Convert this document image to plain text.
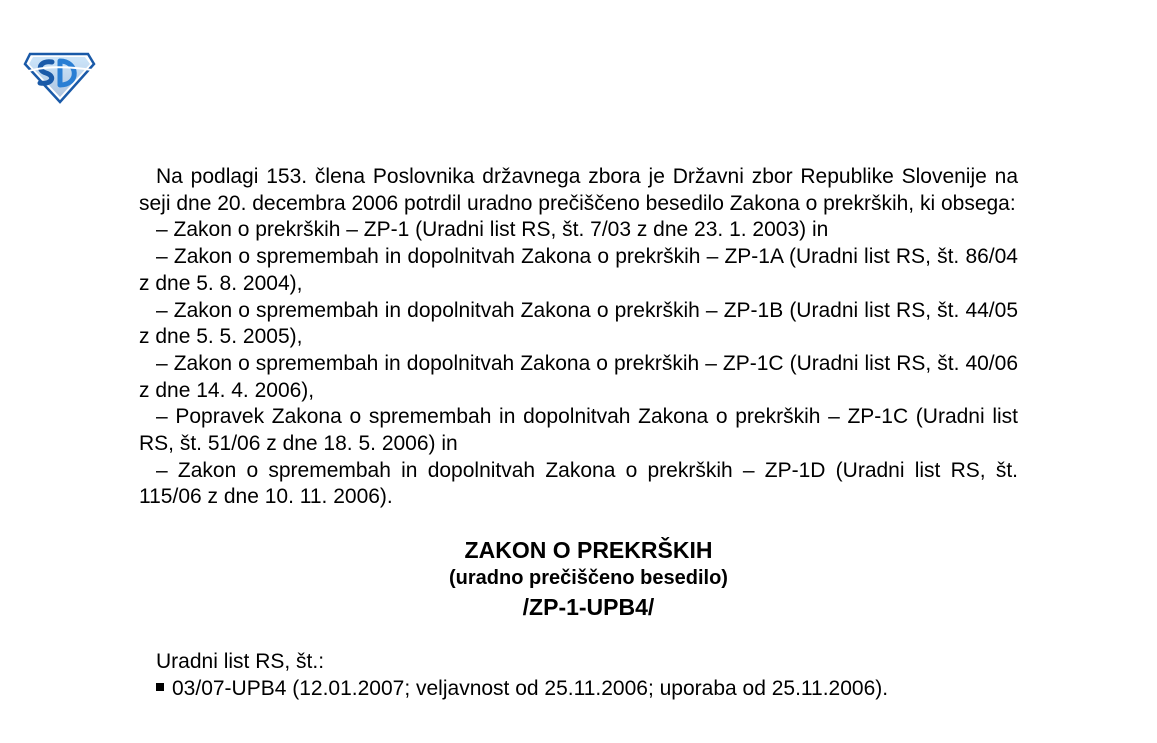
Na podlagi 153. člena Poslovnika državnega zbora je Državni zbor Republike Slovenije na seji dne 20. decembra 2006 potrdil uradno prečiščeno besedilo Zakona o prekrških, ki obsega:

– Zakon o prekrških – ZP-1 (Uradni list RS, št. 7/03 z dne 23. 1. 2003) in

– Zakon o spremembah in dopolnitvah Zakona o prekrških – ZP-1A (Uradni list RS, št. 86/04 z dne 5. 8. 2004),

– Zakon o spremembah in dopolnitvah Zakona o prekrških – ZP-1B (Uradni list RS, št. 44/05 z dne 5. 5. 2005),

– Zakon o spremembah in dopolnitvah Zakona o prekrških – ZP-1C (Uradni list RS, št. 40/06 z dne 14. 4. 2006),

– Popravek Zakona o spremembah in dopolnitvah Zakona o prekrških – ZP-1C (Uradni list RS, št. 51/06 z dne 18. 5. 2006) in

– Zakon o spremembah in dopolnitvah Zakona o prekrških – ZP-1D (Uradni list RS, št. 115/06 z dne 10. 11. 2006).

ZAKON O PREKRŠKIH
(uradno prečiščeno besedilo)
/ZP-1-UPB4/
Uradni list RS, št.:
03/07-UPB4 (12.01.2007; veljavnost od 25.11.2006; uporaba od 25.11.2006).
